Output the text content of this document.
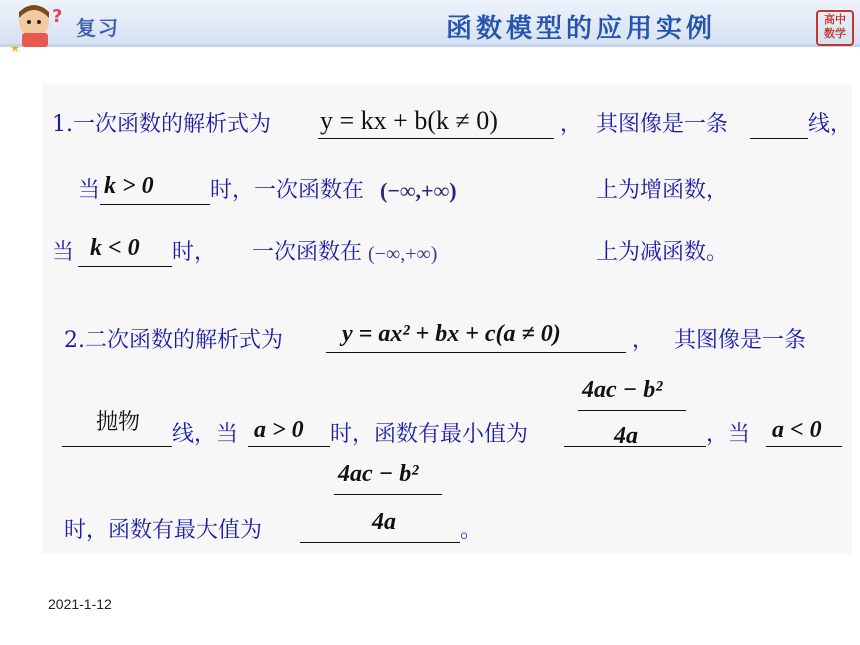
? 复习	函数模型的应用实例	高中数学
1.一次函数的解析式为 y = kx + b(k ≠ 0)	， 其图像是一条	线，
当 k > 0	时，一次函数在 (−∞,+∞)	上为增函数，
当 k < 0 时， 一次函数在 (−∞,+∞)	上为减函数。
2.二次函数的解析式为 y = ax² + bx + c(a ≠ 0)	， 其图像是一条
抛物 线，当 a > 0 时，函数有最小值为
4ac − b²
4a	，当 a < 0
4ac − b²
时，函数有最大值为	4a	。
2021-1-12
